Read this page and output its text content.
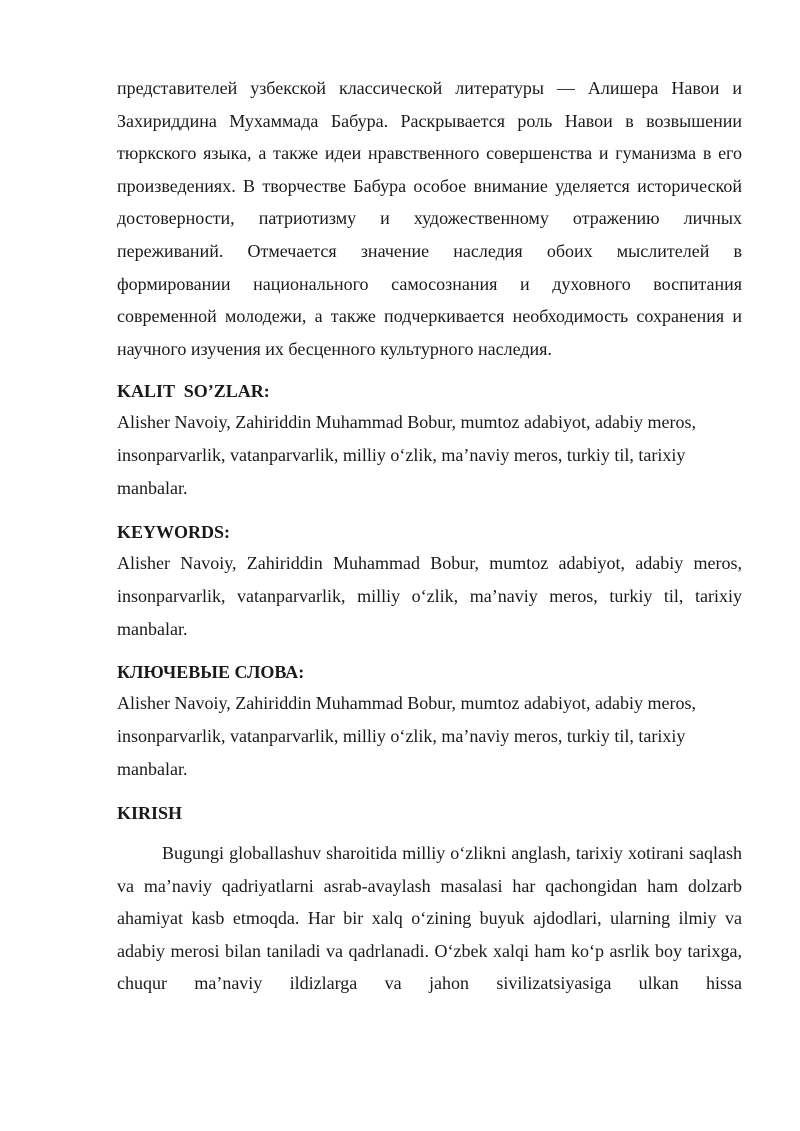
представителей узбекской классической литературы — Алишера Навои и Захириддина Мухаммада Бабура. Раскрывается роль Навои в возвышении тюркского языка, а также идеи нравственного совершенства и гуманизма в его произведениях. В творчестве Бабура особое внимание уделяется исторической достоверности, патриотизму и художественному отражению личных переживаний. Отмечается значение наследия обоих мыслителей в формировании национального самосознания и духовного воспитания современной молодежи, а также подчеркивается необходимость сохранения и научного изучения их бесценного культурного наследия.

KALIT  SO’ZLAR:

Alisher Navoiy, Zahiriddin Muhammad Bobur, mumtoz adabiyot, adabiy meros,

insonparvarlik, vatanparvarlik, milliy o‘zlik, ma’naviy meros, turkiy til, tarixiy

manbalar.

KEYWORDS:

Alisher Navoiy, Zahiriddin Muhammad Bobur, mumtoz adabiyot, adabiy meros, insonparvarlik, vatanparvarlik, milliy o‘zlik, ma’naviy meros, turkiy til, tarixiy manbalar.

КЛЮЧЕВЫЕ СЛОВА:

Alisher Navoiy, Zahiriddin Muhammad Bobur, mumtoz adabiyot, adabiy meros,

insonparvarlik, vatanparvarlik, milliy o‘zlik, ma’naviy meros, turkiy til, tarixiy

manbalar.

KIRISH

Bugungi globallashuv sharoitida milliy o‘zlikni anglash, tarixiy xotirani saqlash va ma’naviy qadriyatlarni asrab-avaylash masalasi har qachongidan ham dolzarb ahamiyat kasb etmoqda. Har bir xalq o‘zining buyuk ajdodlari, ularning ilmiy va adabiy merosi bilan taniladi va qadrlanadi. O‘zbek xalqi ham ko‘p asrlik boy tarixga, chuqur ma’naviy ildizlarga va jahon sivilizatsiyasiga ulkan hissa
